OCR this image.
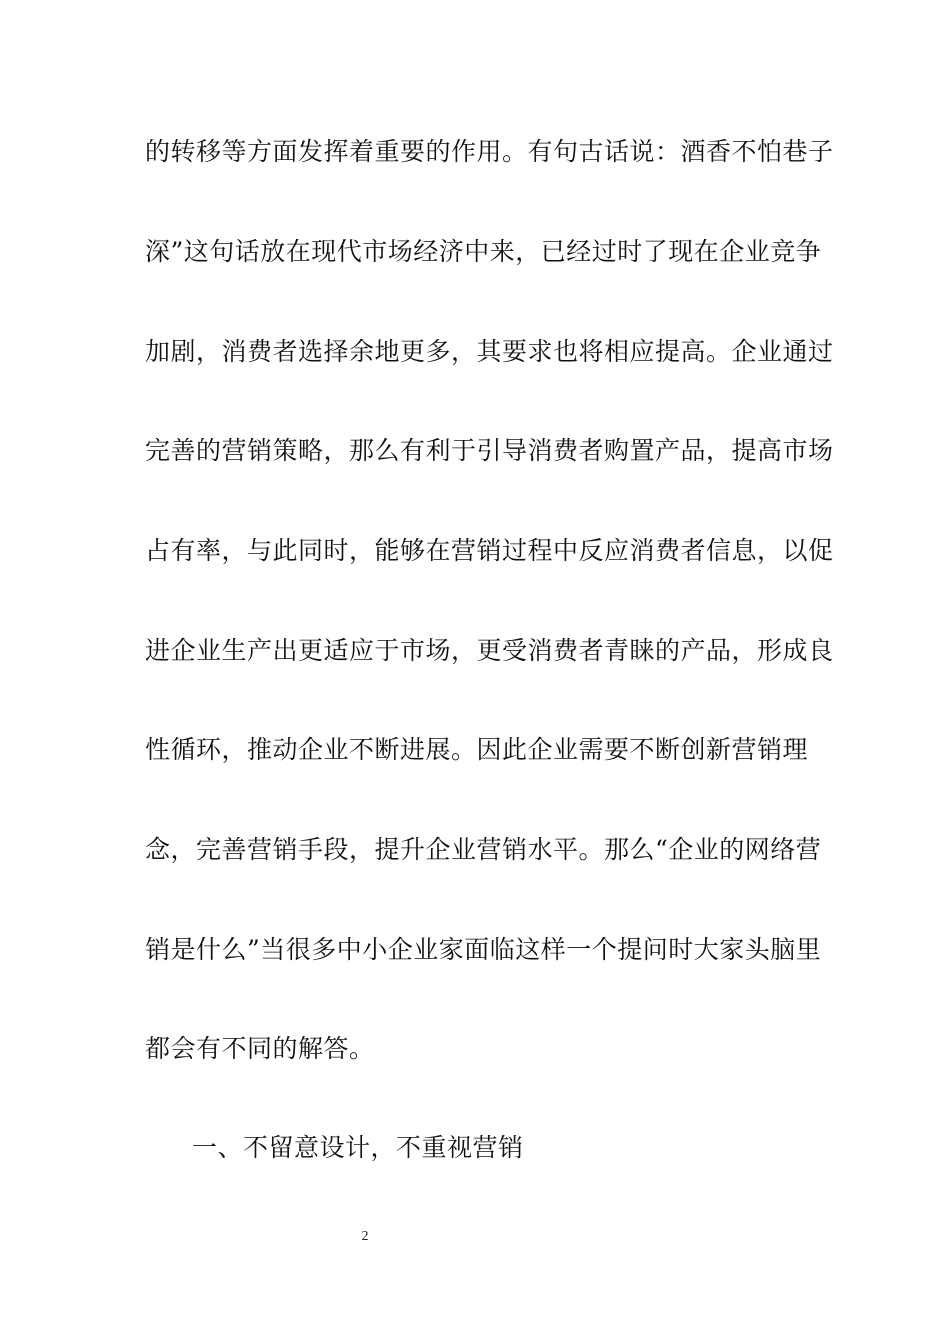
的转移等方面发挥着重要的作用。有句古话说：酒香不怕巷子
深”这句话放在现代市场经济中来，已经过时了现在企业竞争
加剧，消费者选择余地更多，其要求也将相应提高。企业通过
完善的营销策略，那么有利于引导消费者购置产品，提高市场
占有率，与此同时，能够在营销过程中反应消费者信息，以促
进企业生产出更适应于市场，更受消费者青睐的产品，形成良
性循环，推动企业不断进展。因此企业需要不断创新营销理
念，完善营销手段，提升企业营销水平。那么“企业的网络营
销是什么”当很多中小企业家面临这样一个提问时大家头脑里
都会有不同的解答。
一、不留意设计，不重视营销
2
